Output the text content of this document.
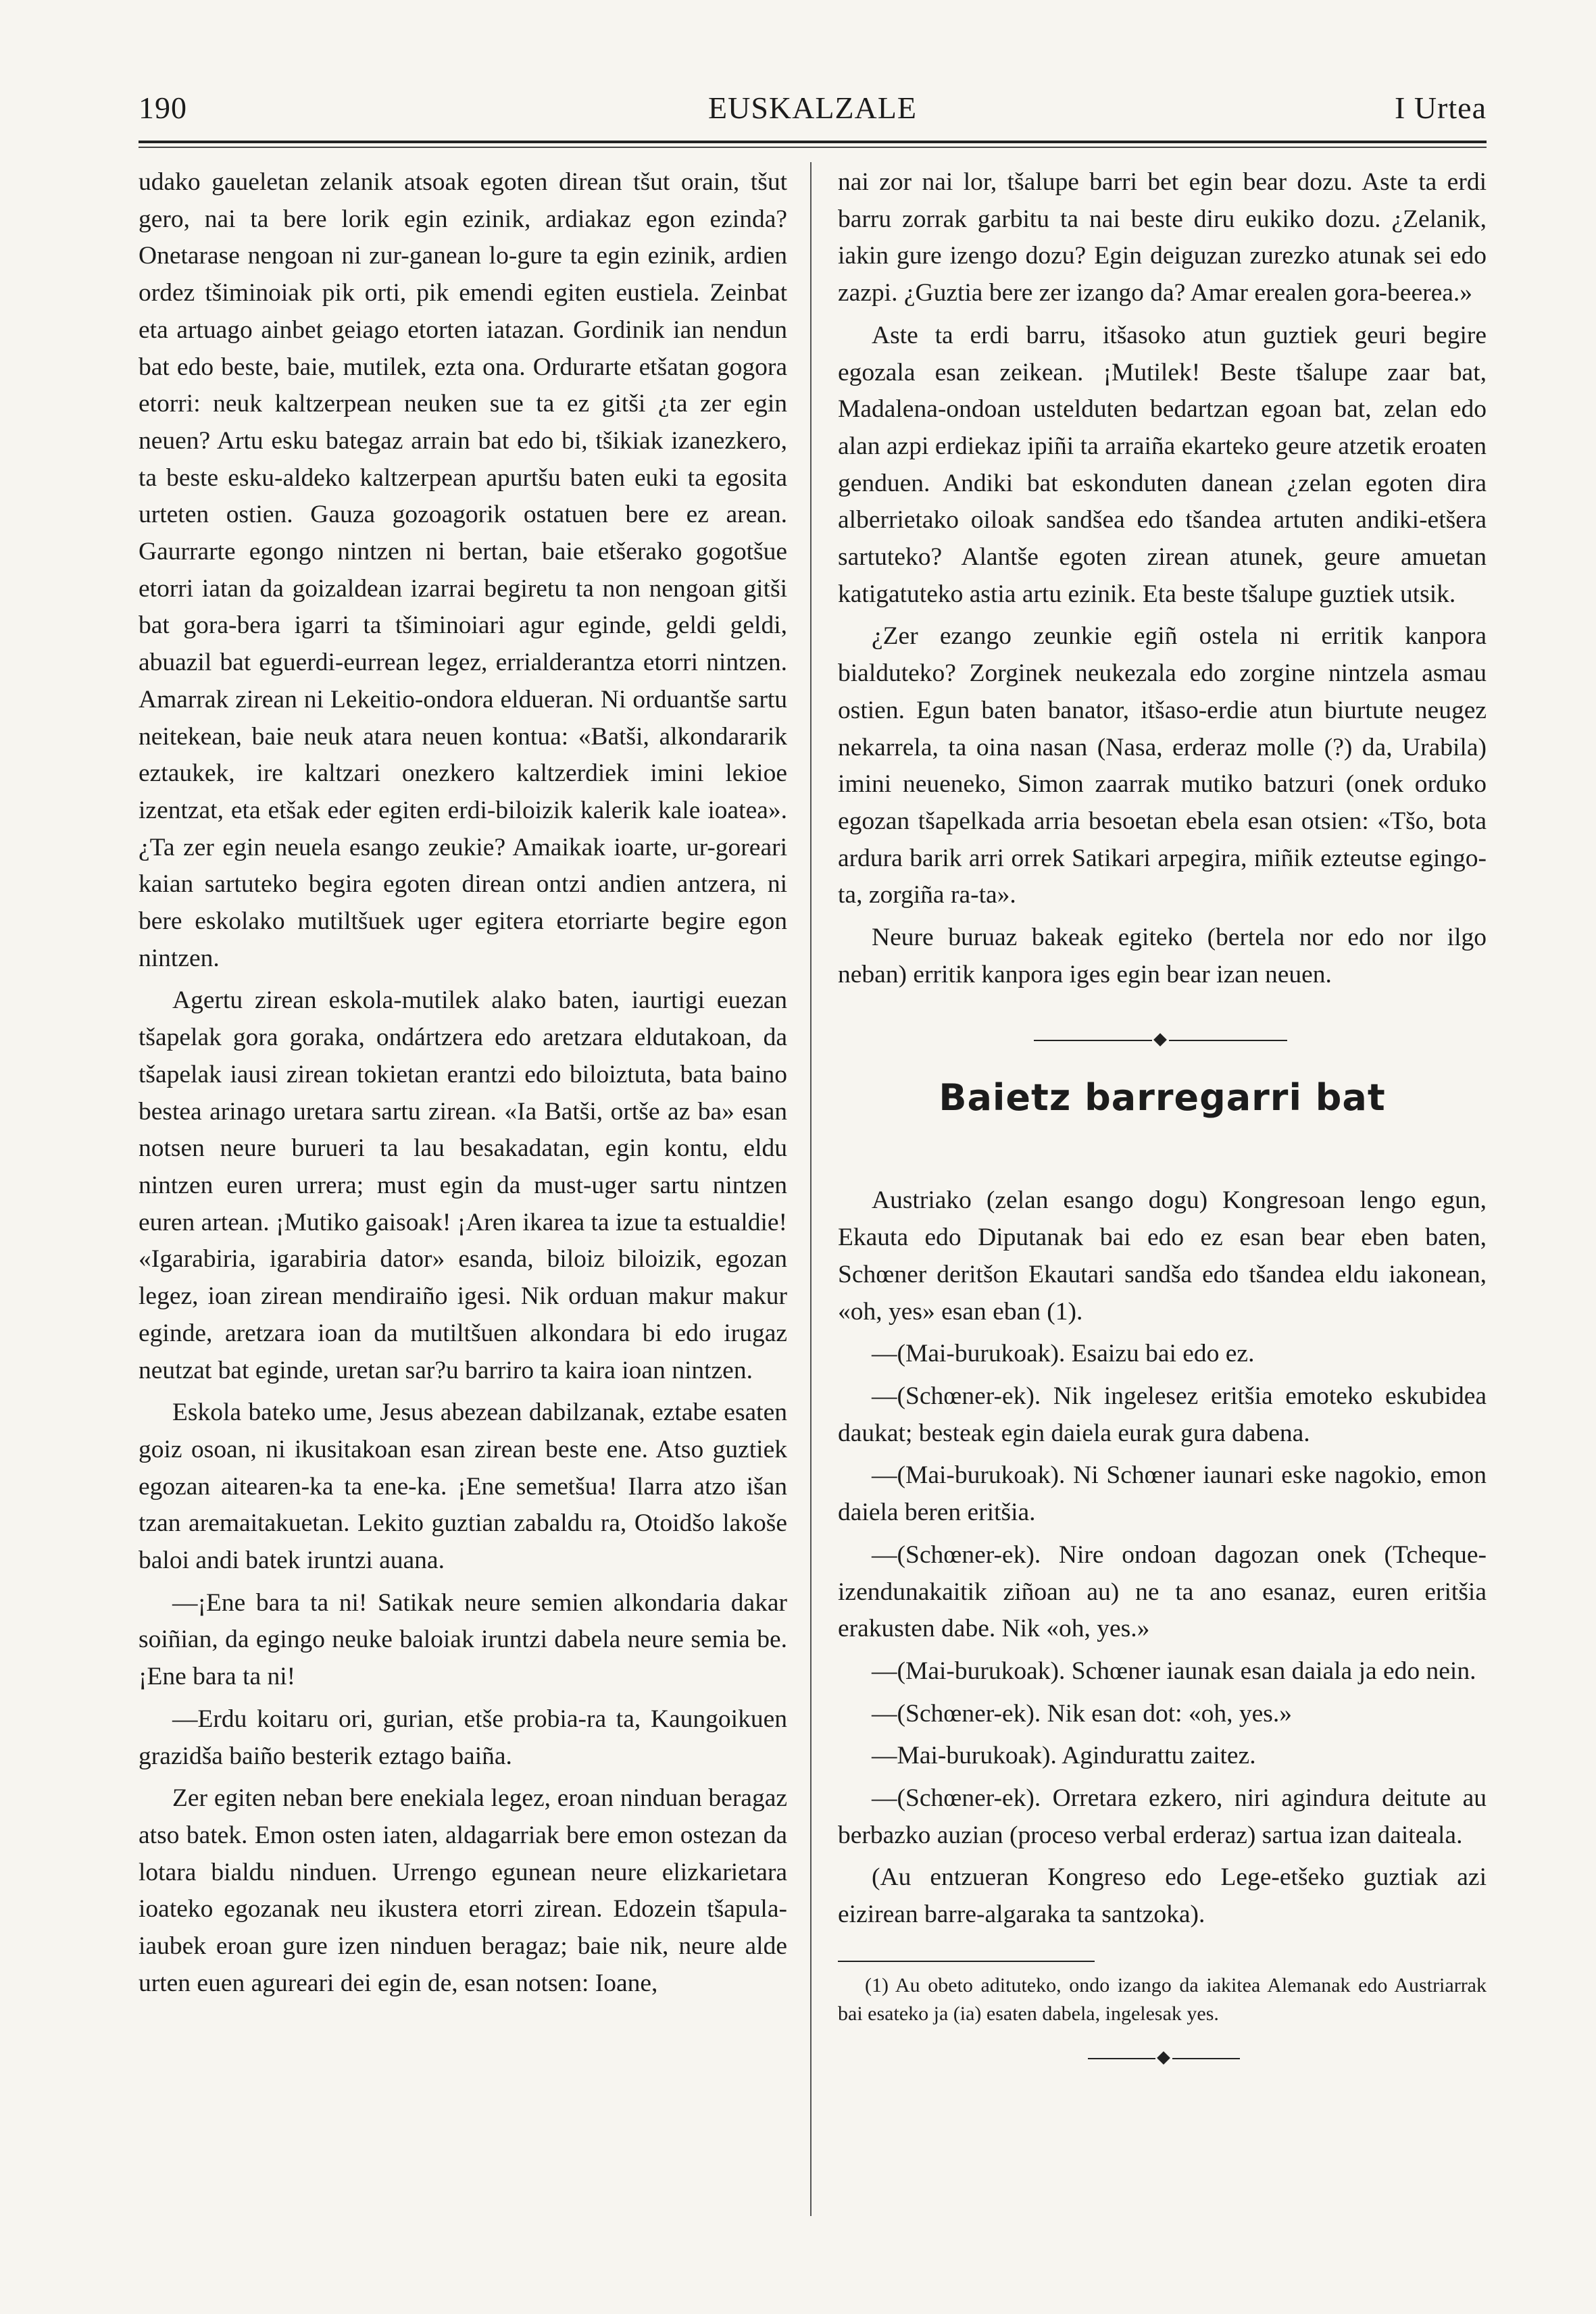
190	EUSKALZALE	I Urtea

udako gaueletan zelanik atsoak egoten direan tšut orain, tšut gero, nai ta bere lorik egin ezinik, ardiakaz egon ezinda? Onetarase nengoan ni zur-ganean lo-gure ta egin ezinik, ardien ordez tšiminoiak pik orti, pik emendi egiten eustiela. Zeinbat eta artuago ainbet geiago etorten iatazan. Gordinik ian nendun bat edo beste, baie, mutilek, ezta ona. Ordurarte etšatan gogora etorri: neuk kaltzerpean neuken sue ta ez gitši ¿ta zer egin neuen? Artu esku bategaz arrain bat edo bi, tšikiak izanezkero, ta beste esku-aldeko kaltzerpean apurtšu baten euki ta egosita urteten ostien. Gauza gozoagorik ostatuen bere ez arean. Gaurrarte egongo nintzen ni bertan, baie etšerako gogotšue etorri iatan da goizaldean izarrai begiretu ta non nengoan gitši bat gora-bera igarri ta tšiminoiari agur eginde, geldi geldi, abuazil bat eguerdi-eurrean legez, errialderantza etorri nintzen. Amarrak zirean ni Lekeitio-ondora eldueran. Ni orduantše sartu neitekean, baie neuk atara neuen kontua: «Batši, alkondararik eztaukek, ire kaltzari onezkero kaltzerdiek imini lekioe izentzat, eta etšak eder egiten erdi-biloizik kalerik kale ioatea». ¿Ta zer egin neuela esango zeukie? Amaikak ioarte, ur-goreari kaian sartuteko begira egoten direan ontzi andien antzera, ni bere eskolako mutiltšuek uger egitera etorriarte begire egon nintzen.

Agertu zirean eskola-mutilek alako baten, iaurtigi euezan tšapelak gora goraka, ondártzera edo aretzara eldutakoan, da tšapelak iausi zirean tokietan erantzi edo biloiztuta, bata baino bestea arinago uretara sartu zirean. «Ia Batši, ortše az ba» esan notsen neure burueri ta lau besakadatan, egin kontu, eldu nintzen euren urrera; must egin da must-uger sartu nintzen euren artean. ¡Mutiko gaisoak! ¡Aren ikarea ta izue ta estualdie! «Igarabiria, igarabiria dator» esanda, biloiz biloizik, egozan legez, ioan zirean mendiraiño igesi. Nik orduan makur makur eginde, aretzara ioan da mutiltšuen alkondara bi edo irugaz neutzat bat eginde, uretan sar?u barriro ta kaira ioan nintzen.

Eskola bateko ume, Jesus abezean dabilzanak, eztabe esaten goiz osoan, ni ikusitakoan esan zirean beste ene. Atso guztiek egozan aitearen-ka ta ene-ka. ¡Ene semetšua! Ilarra atzo išan tzan aremaitakuetan. Lekito guztian zabaldu ra, Otoidšo lakoše baloi andi batek iruntzi auana.

—¡Ene bara ta ni! Satikak neure semien alkondaria dakar soiñian, da egingo neuke baloiak iruntzi dabela neure semia be. ¡Ene bara ta ni!

—Erdu koitaru ori, gurian, etše probia-ra ta, Kaungoikuen grazidša baiño besterik eztago baiña.

Zer egiten neban bere enekiala legez, eroan ninduan beragaz atso batek. Emon osten iaten, aldagarriak bere emon ostezan da lotara bialdu ninduen. Urrengo egunean neure elizkarietara ioateko egozanak neu ikustera etorri zirean. Edozein tšapula-iaubek eroan gure izen ninduen beragaz; baie nik, neure alde urten euen agureari dei egin de, esan notsen: Ioane,

nai zor nai lor, tšalupe barri bet egin bear dozu. Aste ta erdi barru zorrak garbitu ta nai beste diru eukiko dozu. ¿Zelanik, iakin gure izengo dozu? Egin deiguzan zurezko atunak sei edo zazpi. ¿Guztia bere zer izango da? Amar erealen gora-beerea.»

Aste ta erdi barru, itšasoko atun guztiek geuri begire egozala esan zeikean. ¡Mutilek! Beste tšalupe zaar bat, Madalena-ondoan ustelduten bedartzan egoan bat, zelan edo alan azpi erdiekaz ipiñi ta arraiña ekarteko geure atzetik eroaten genduen. Andiki bat eskonduten danean ¿zelan egoten dira alberrietako oiloak sandšea edo tšandea artuten andiki-etšera sartuteko? Alantše egoten zirean atunek, geure amuetan katigatuteko astia artu ezinik. Eta beste tšalupe guztiek utsik.

¿Zer ezango zeunkie egiñ ostela ni erritik kanpora bialduteko? Zorginek neukezala edo zorgine nintzela asmau ostien. Egun baten banator, itšaso-erdie atun biurtute neugez nekarrela, ta oina nasan (Nasa, erderaz molle (?) da, Urabila) imini neueneko, Simon zaarrak mutiko batzuri (onek orduko egozan tšapelkada arria besoetan ebela esan otsien: «Tšo, bota ardura barik arri orrek Satikari arpegira, miñik ezteutse egingo-ta, zorgiña ra-ta».

Neure buruaz bakeak egiteko (bertela nor edo nor ilgo neban) erritik kanpora iges egin bear izan neuen.

Baietz barregarri bat

Austriako (zelan esango dogu) Kongresoan lengo egun, Ekauta edo Diputanak bai edo ez esan bear eben baten, Schœner deritšon Ekautari sandša edo tšandea eldu iakonean, «oh, yes» esan eban (1).

—(Mai-burukoak). Esaizu bai edo ez.

—(Schœner-ek). Nik ingelesez eritšia emoteko eskubidea daukat; besteak egin daiela eurak gura dabena.

—(Mai-burukoak). Ni Schœner iaunari eske nagokio, emon daiela beren eritšia.

—(Schœner-ek). Nire ondoan dagozan onek (Tcheque-izendunakaitik ziñoan au) ne ta ano esanaz, euren eritšia erakusten dabe. Nik «oh, yes.»

—(Mai-burukoak). Schœner iaunak esan daiala ja edo nein.

—(Schœner-ek). Nik esan dot: «oh, yes.»

—Mai-burukoak). Agindurattu zaitez.

—(Schœner-ek). Orretara ezkero, niri agindura deitute au berbazko auzian (proceso verbal erderaz) sartua izan daiteala.

(Au entzueran Kongreso edo Lege-etšeko guztiak azi eizirean barre-algaraka ta santzoka).

(1) Au obeto adituteko, ondo izango da iakitea Alemanak edo Austriarrak bai esateko ja (ia) esaten dabela, ingelesak yes.
